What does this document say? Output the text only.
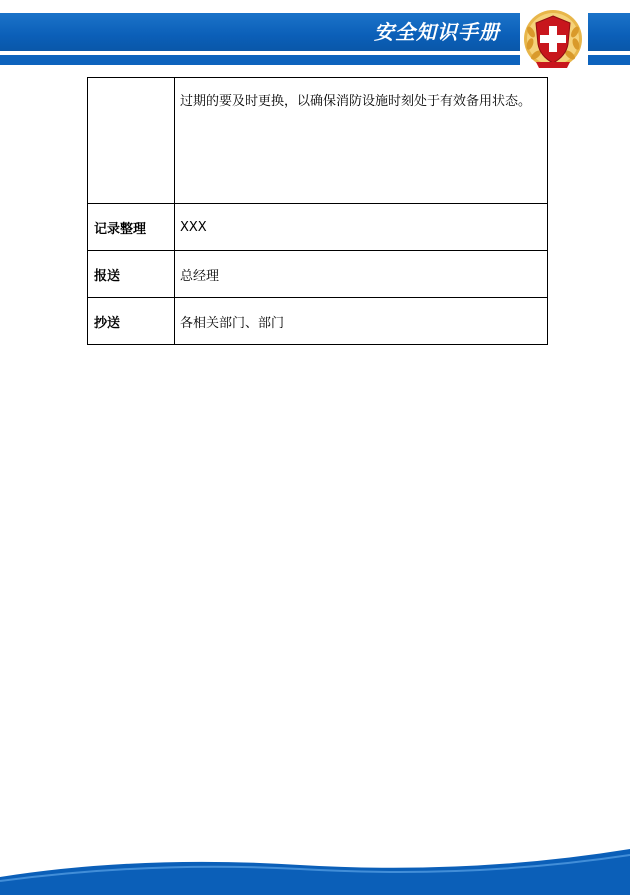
安全知识手册
	过期的要及时更换，以确保消防设施时刻处于有效备用状态。
记录整理	XXX
报送	总经理
抄送	各相关部门、部门
